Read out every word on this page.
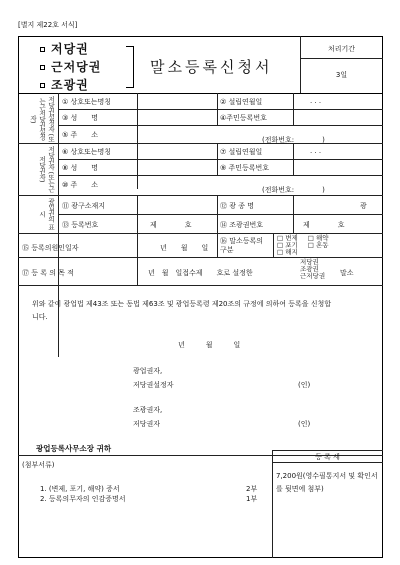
[별지 제22호 서식]
저당권
근저당권
조광권
말소등록신청서
처리기간
3일
저당권설정자 (또는근저당권설정자)
① 상호또는명칭	② 설립연월일	. . .
③ 성　　명	④주민등록번호
⑤ 주　　소
(전화번호:　　　　)
저당권자 (또는근저당권자)
⑥ 상호또는명칭	⑦ 설립연월일	. . .
⑧ 성　　명	⑨ 주민등록번호
⑩ 주　　소
(전화번호:　　　　)
광업권의 표시
⑪ 광구소재지	⑫ 광 종 명	광
⑬ 등록번호	제　　　　호	⑭ 조광권번호	제　　　　호
⑮ 등록의원인일자	년　　월　　일
⑯ 말소등록의 구분
□ 변제 □ 해약
□ 포기 □ 혼동
□ 해지
⑰ 등 록 의 목 적	년　월　일접수제　　호로 설정한
저당권
조광권
근저당권 말소
위와 같이 광업법 제43조 또는 동법 제63조 및 광업등록령 제20조의 규정에 의하여 등록을 신청합니다.
년　　　월　　　일
광업권자,
저당권설정자	(인)
조광권자,
저당권자	(인)
광업등록사무소장 귀하
등 록 세
7,200원(영수필통지서 및 확인서를 뒷면에 첨부)
(첨부서류)
1. (변제, 포기, 해약) 증서	2부
2. 등록의무자의 인감증명서	1부
